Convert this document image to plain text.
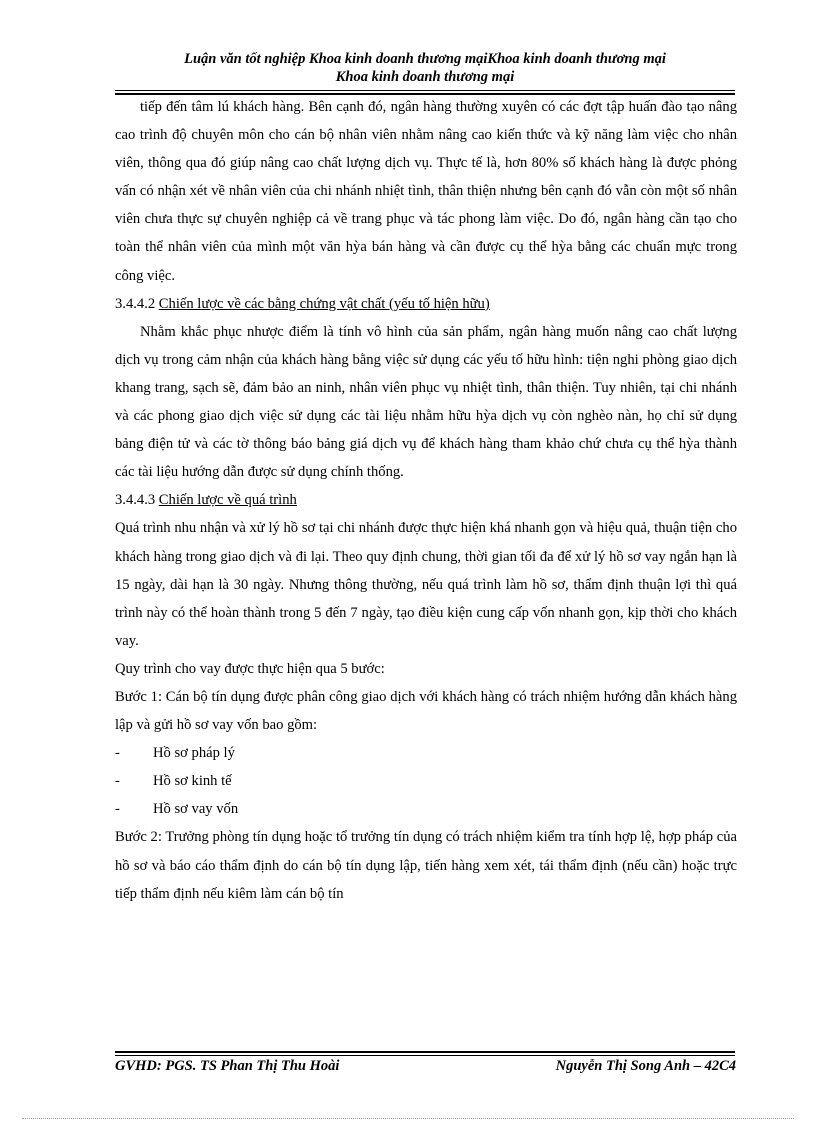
Luận văn tốt nghiệp Khoa kinh doanh thương mạiKhoa kinh doanh thương mại
Khoa kinh doanh thương mại

tiếp đến tâm lú khách hàng. Bên cạnh đó, ngân hàng thường xuyên có các đợt tập huấn đào tạo nâng cao trình độ chuyên môn cho cán bộ nhân viên nhằm nâng cao kiến thức và kỹ năng làm việc cho nhân viên, thông qua đó giúp nâng cao chất lượng dịch vụ. Thực tế là, hơn 80% số khách hàng là được phỏng vấn có nhận xét về nhân viên của chi nhánh nhiệt tình, thân thiện nhưng bên cạnh đó vẫn còn một số nhân viên chưa thực sự chuyên nghiệp cả về trang phục và tác phong làm việc. Do đó, ngân hàng cần tạo cho toàn thể nhân viên của mình một văn hỳa bán hàng và cần được cụ thể hỳa bằng các chuẩn mực trong công việc.

3.4.4.2 Chiến lược về các bằng chứng vật chất (yếu tố hiện hữu)

Nhằm khắc phục nhược điểm là tính vô hình của sản phẩm, ngân hàng muốn nâng cao chất lượng dịch vụ trong cảm nhận của khách hàng bằng việc sử dụng các yếu tố hữu hình: tiện nghi phòng giao dịch khang trang, sạch sẽ, đảm bảo an ninh, nhân viên phục vụ nhiệt tình, thân thiện. Tuy nhiên, tại chi nhánh và các phong giao dịch việc sử dụng các tài liệu nhằm hữu hỳa dịch vụ còn nghèo nàn, họ chỉ sử dụng bảng điện tử và các tờ thông báo bảng giá dịch vụ để khách hàng tham khảo chứ chưa cụ thể hỳa thành các tài liệu hướng dẫn được sử dụng chính thống.

3.4.4.3 Chiến lược về quá trình

Quá trình nhu nhận và xử lý hồ sơ tại chi nhánh được thực hiện khá nhanh gọn và hiệu quả, thuận tiện cho khách hàng trong giao dịch và đi lại. Theo quy định chung, thời gian tối đa để xử lý hồ sơ vay ngắn hạn là 15 ngày, dài hạn là 30 ngày. Nhưng thông thường, nếu quá trình làm hồ sơ, thẩm định thuận lợi thì quá trình này có thể hoàn thành trong 5 đến 7 ngày, tạo điều kiện cung cấp vốn nhanh gọn, kịp thời cho khách vay.

Quy trình cho vay được thực hiện qua 5 bước:

Bước 1: Cán bộ tín dụng được phân công giao dịch với khách hàng có trách nhiệm hướng dẫn khách hàng lập và gửi hồ sơ vay vốn bao gồm:

-	Hồ sơ pháp lý
-	Hồ sơ kinh tế
-	Hồ sơ vay vốn

Bước 2: Trưởng phòng tín dụng hoặc tổ trưởng tín dụng có trách nhiệm kiểm tra tính hợp lệ, hợp pháp của hồ sơ và báo cáo thẩm định do cán bộ tín dụng lập, tiến hàng xem xét, tái thẩm định (nếu cần) hoặc trực tiếp thẩm định nếu kiêm làm cán bộ tín

GVHD: PGS. TS Phan Thị Thu Hoài	Nguyễn Thị Song Anh – 42C4
